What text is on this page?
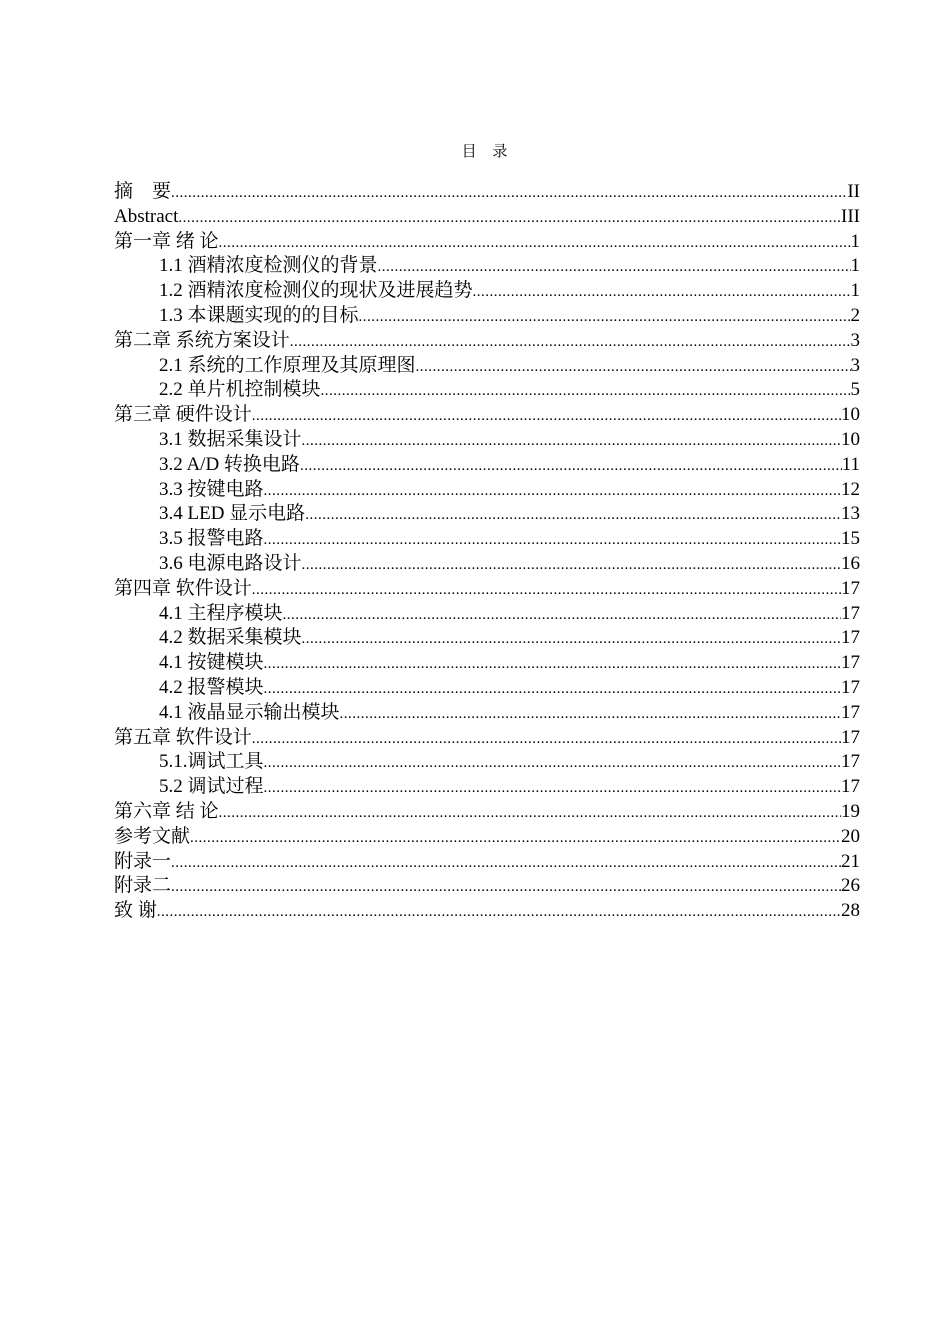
目 录
摘　要 .....	II
Abstract .....	III
第一章 绪 论 .....	1
1.1 酒精浓度检测仪的背景 .....	1
1.2 酒精浓度检测仪的现状及进展趋势 .....	1
1.3 本课题实现的的目标 .....	2
第二章 系统方案设计 .....	3
2.1 系统的工作原理及其原理图 .....	3
2.2 单片机控制模块 .....	5
第三章 硬件设计 .....	10
3.1 数据采集设计 .....	10
3.2 A/D 转换电路 .....	11
3.3 按键电路 .....	12
3.4 LED 显示电路 .....	13
3.5 报警电路 .....	15
3.6 电源电路设计 .....	16
第四章 软件设计 .....	17
4.1 主程序模块 .....	17
4.2 数据采集模块 .....	17
4.1 按键模块 .....	17
4.2 报警模块 .....	17
4.1 液晶显示输出模块 .....	17
第五章 软件设计 .....	17
5.1.调试工具 .....	17
5.2 调试过程 .....	17
第六章 结 论 .....	19
参考文献 .....	20
附录一 .....	21
附录二 .....	26
致 谢 .....	28
